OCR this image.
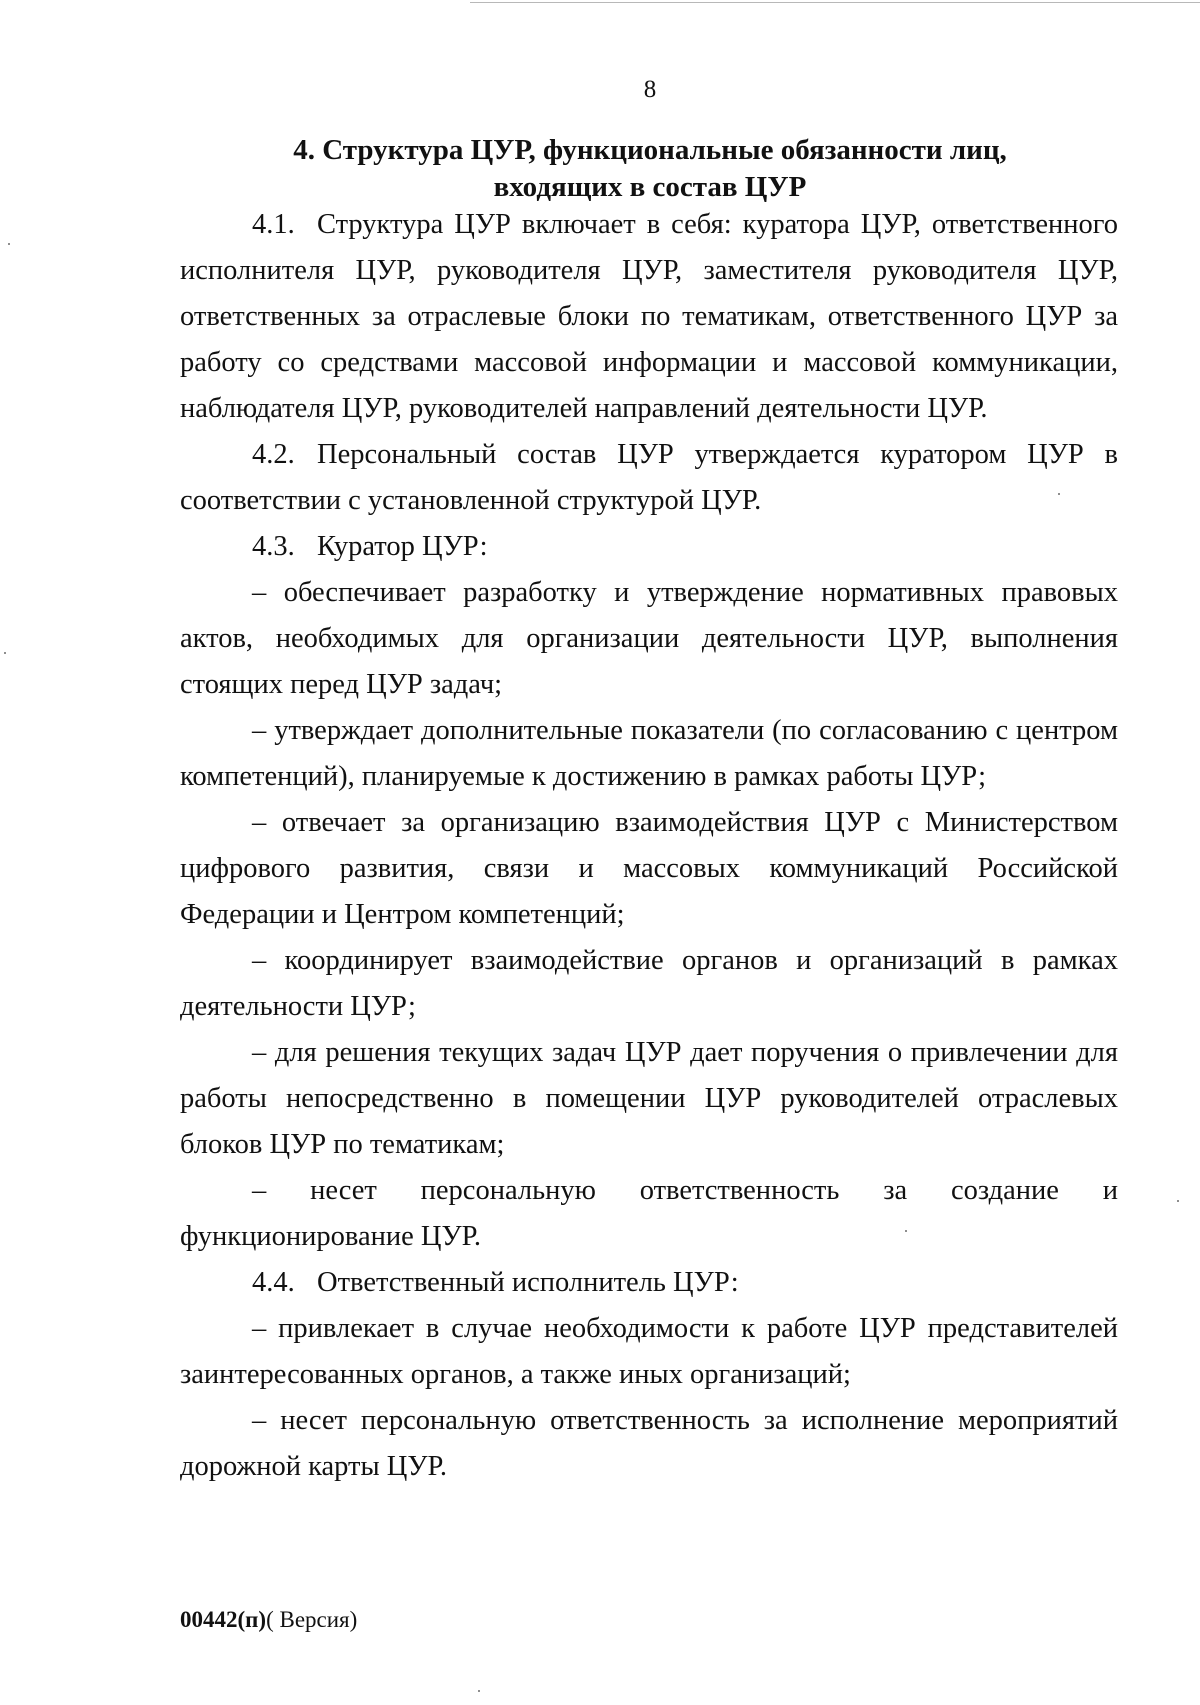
8
4. Структура ЦУР, функциональные обязанности лиц,
входящих в состав ЦУР

4.1. Структура ЦУР включает в себя: куратора ЦУР, ответственного исполнителя ЦУР, руководителя ЦУР, заместителя руководителя ЦУР, ответственных за отраслевые блоки по тематикам, ответственного ЦУР за работу со средствами массовой информации и массовой коммуникации, наблюдателя ЦУР, руководителей направлений деятельности ЦУР.

4.2. Персональный состав ЦУР утверждается куратором ЦУР в соответствии с установленной структурой ЦУР.

4.3. Куратор ЦУР:

– обеспечивает разработку и утверждение нормативных правовых актов, необходимых для организации деятельности ЦУР, выполнения стоящих перед ЦУР задач;

– утверждает дополнительные показатели (по согласованию с центром компетенций), планируемые к достижению в рамках работы ЦУР;

– отвечает за организацию взаимодействия ЦУР с Министерством цифрового развития, связи и массовых коммуникаций Российской Федерации и Центром компетенций;

– координирует взаимодействие органов и организаций в рамках деятельности ЦУР;

– для решения текущих задач ЦУР дает поручения о привлечении для работы непосредственно в помещении ЦУР руководителей отраслевых блоков ЦУР по тематикам;

– несет персональную ответственность за создание и функционирование ЦУР.

4.4. Ответственный исполнитель ЦУР:

– привлекает в случае необходимости к работе ЦУР представителей заинтересованных органов, а также иных организаций;

– несет персональную ответственность за исполнение мероприятий дорожной карты ЦУР.

00442(п)( Версия)
